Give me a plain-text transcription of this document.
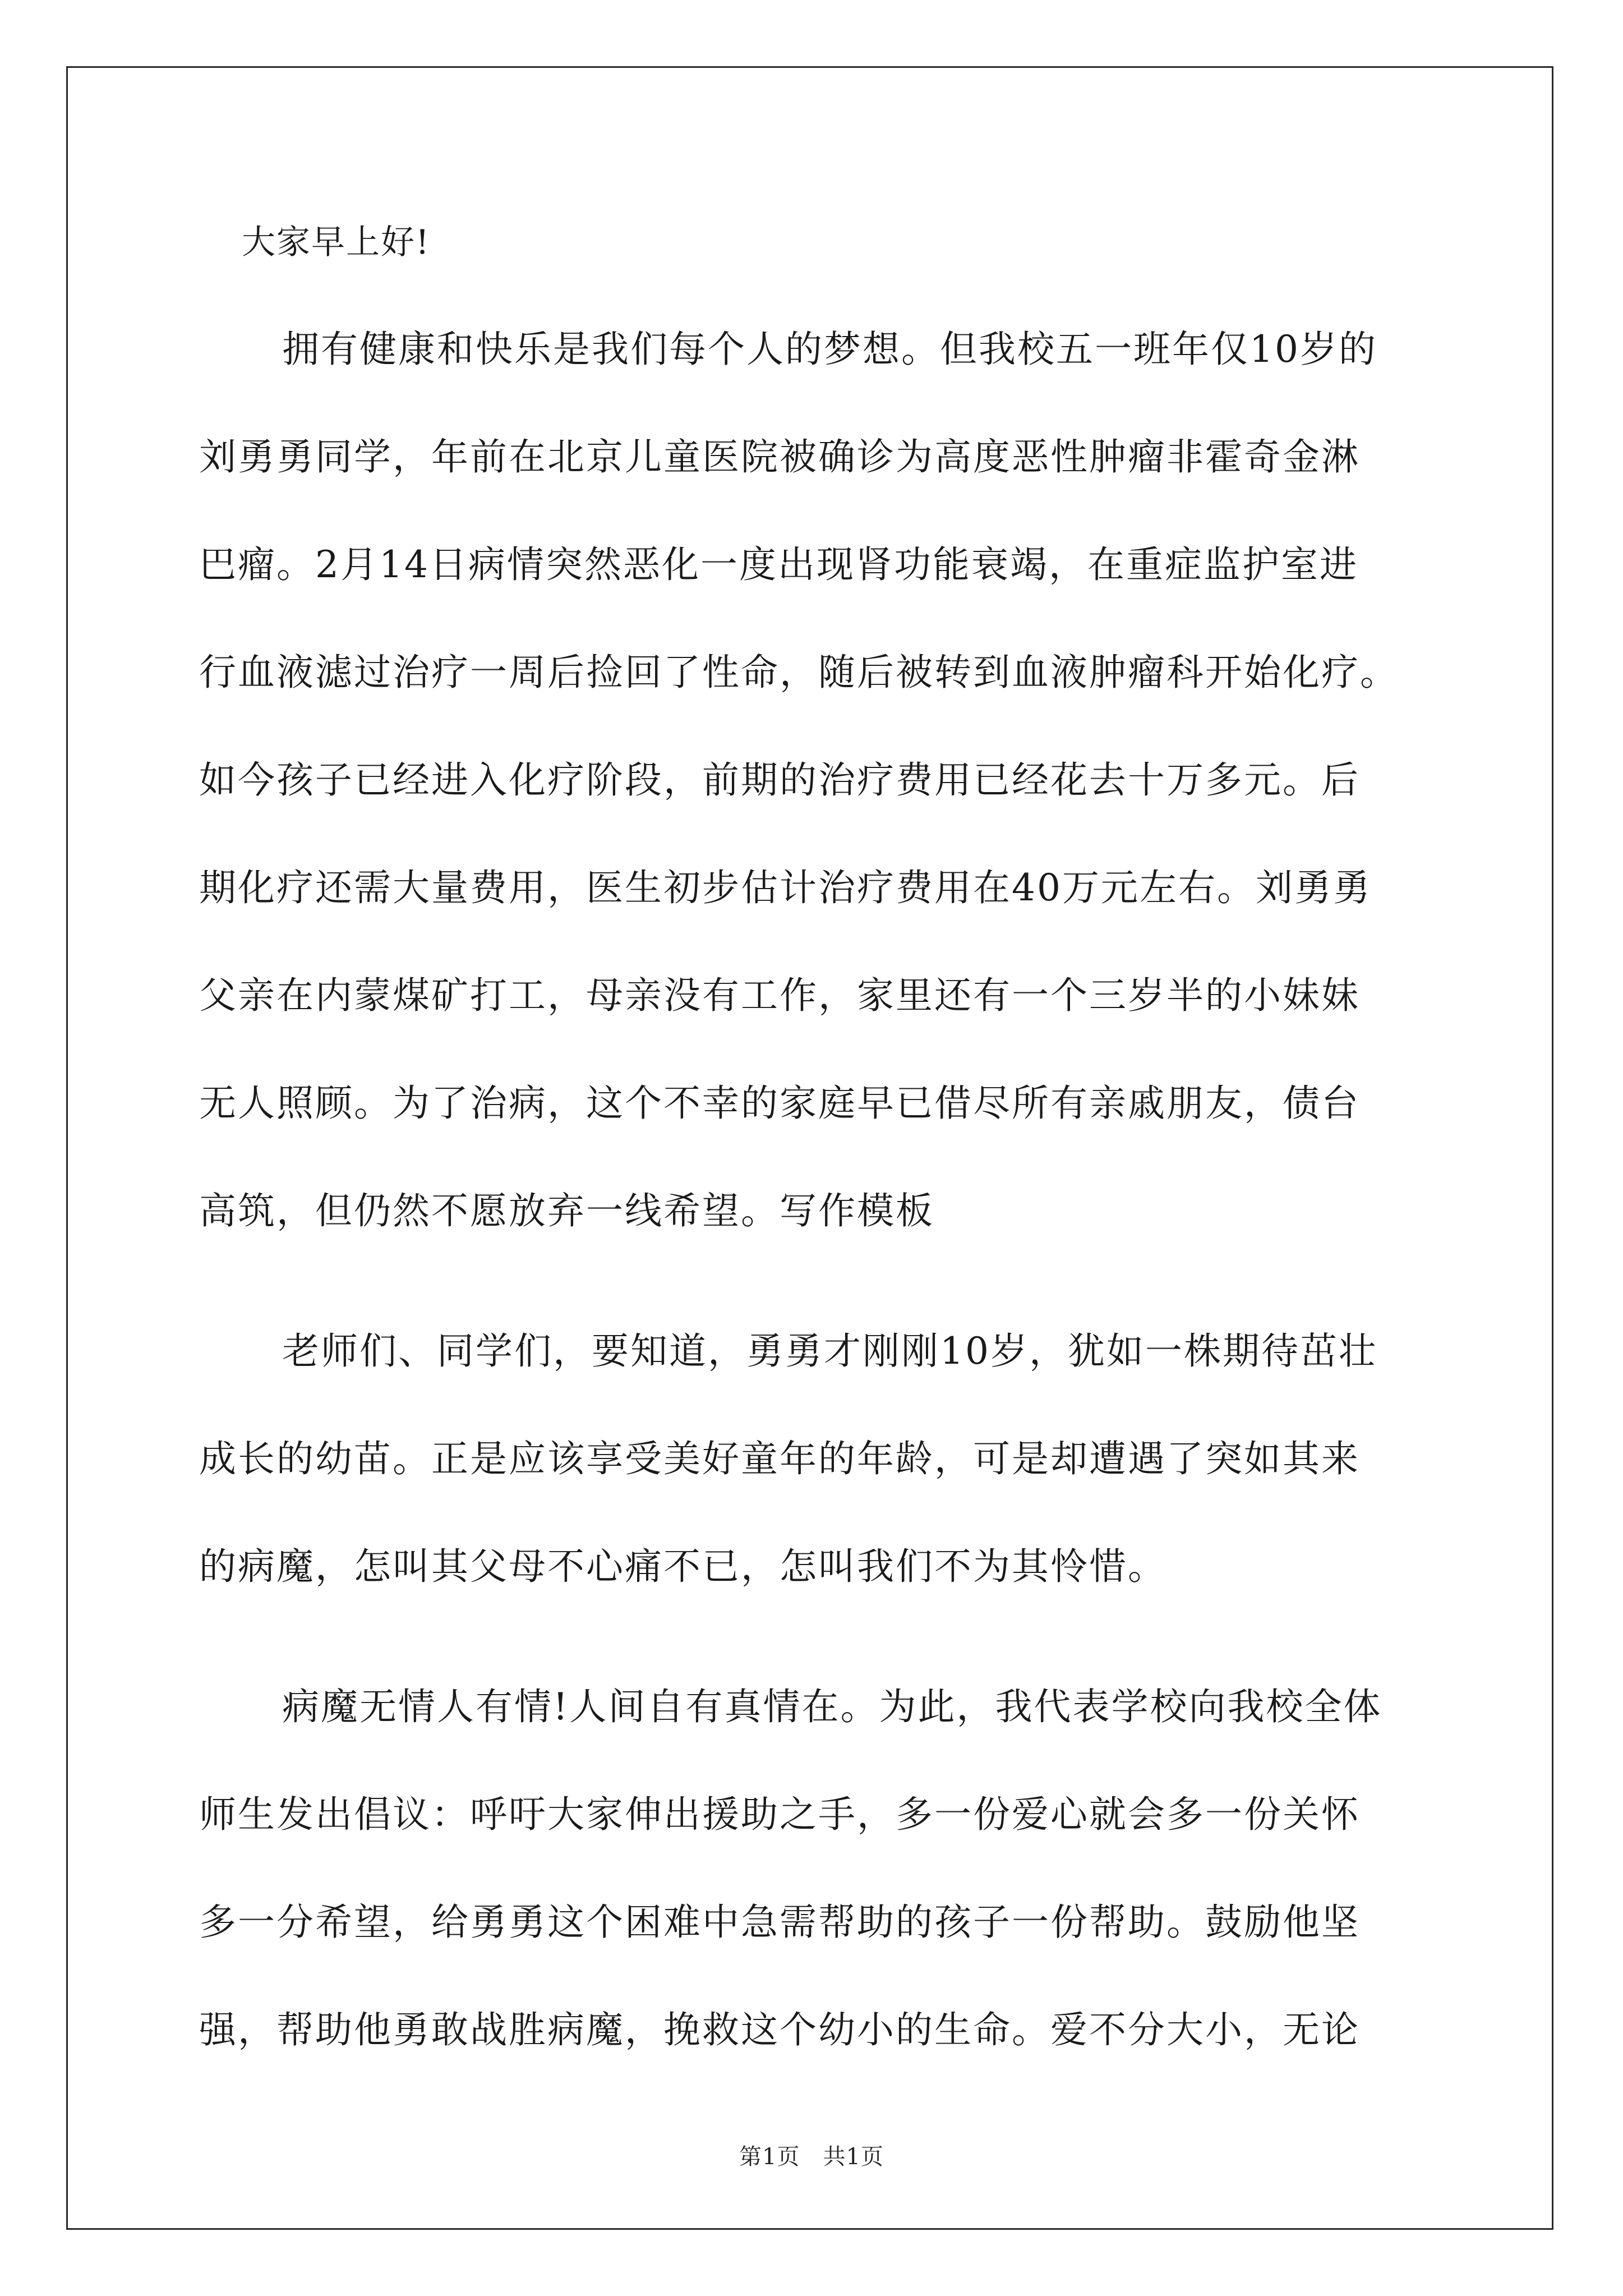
大家早上好!
拥有健康和快乐是我们每个人的梦想。但我校五一班年仅10岁的
刘勇勇同学，年前在北京儿童医院被确诊为高度恶性肿瘤非霍奇金淋
巴瘤。2月14日病情突然恶化一度出现肾功能衰竭，在重症监护室进
行血液滤过治疗一周后捡回了性命，随后被转到血液肿瘤科开始化疗。
如今孩子已经进入化疗阶段，前期的治疗费用已经花去十万多元。后
期化疗还需大量费用，医生初步估计治疗费用在40万元左右。刘勇勇
父亲在内蒙煤矿打工，母亲没有工作，家里还有一个三岁半的小妹妹
无人照顾。为了治病，这个不幸的家庭早已借尽所有亲戚朋友，债台
高筑，但仍然不愿放弃一线希望。写作模板
老师们、同学们，要知道，勇勇才刚刚10岁，犹如一株期待茁壮
成长的幼苗。正是应该享受美好童年的年龄，可是却遭遇了突如其来
的病魔，怎叫其父母不心痛不已，怎叫我们不为其怜惜。
病魔无情人有情!人间自有真情在。为此，我代表学校向我校全体
师生发出倡议：呼吁大家伸出援助之手，多一份爱心就会多一份关怀
多一分希望，给勇勇这个困难中急需帮助的孩子一份帮助。鼓励他坚
强，帮助他勇敢战胜病魔，挽救这个幼小的生命。爱不分大小，无论
第1页　共1页
